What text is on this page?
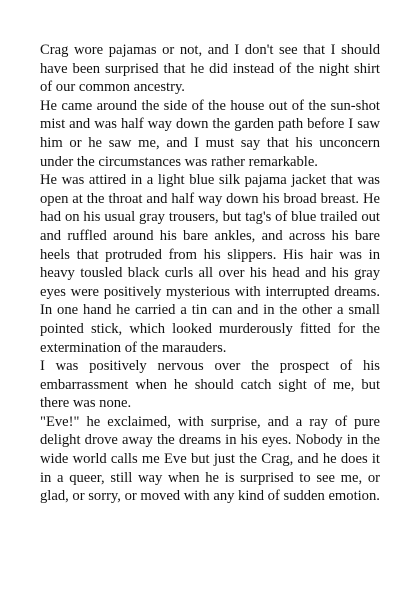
Crag wore pajamas or not, and I don't see that I should have been surprised that he did instead of the night shirt of our common ancestry.

He came around the side of the house out of the sun-shot mist and was half way down the garden path before I saw him or he saw me, and I must say that his unconcern under the circumstances was rather remarkable.

He was attired in a light blue silk pajama jacket that was open at the throat and half way down his broad breast. He had on his usual gray trousers, but tag's of blue trailed out and ruffled around his bare ankles, and across his bare heels that protruded from his slippers. His hair was in heavy tousled black curls all over his head and his gray eyes were positively mysterious with interrupted dreams. In one hand he carried a tin can and in the other a small pointed stick, which looked murderously fitted for the extermination of the marauders.

I was positively nervous over the prospect of his embarrassment when he should catch sight of me, but there was none.

"Eve!" he exclaimed, with surprise, and a ray of pure delight drove away the dreams in his eyes. Nobody in the wide world calls me Eve but just the Crag, and he does it in a queer, still way when he is surprised to see me, or glad, or sorry, or moved with any kind of sudden emotion.
